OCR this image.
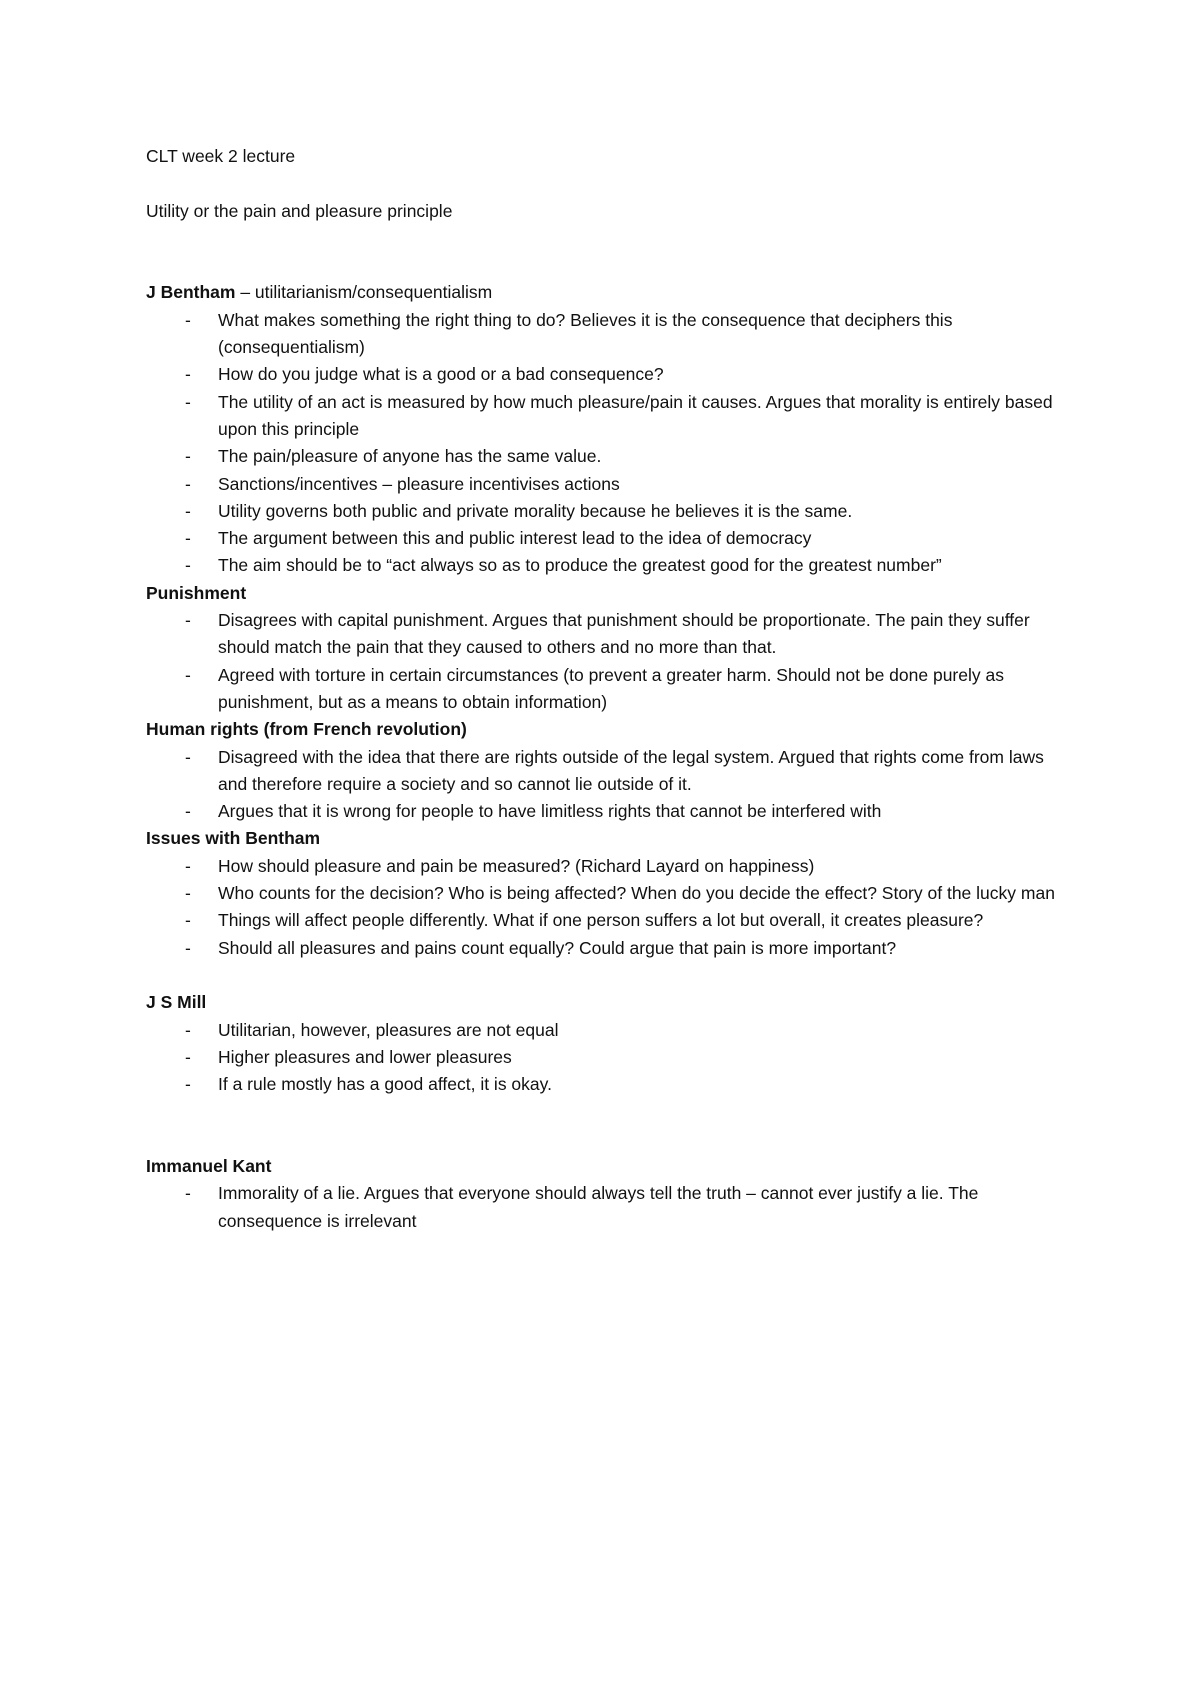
CLT week 2 lecture

Utility or the pain and pleasure principle

J Bentham – utilitarianism/consequentialism

- What makes something the right thing to do? Believes it is the consequence that deciphers this (consequentialism)
- How do you judge what is a good or a bad consequence?
- The utility of an act is measured by how much pleasure/pain it causes. Argues that morality is entirely based upon this principle
- The pain/pleasure of anyone has the same value.
- Sanctions/incentives – pleasure incentivises actions
- Utility governs both public and private morality because he believes it is the same.
- The argument between this and public interest lead to the idea of democracy
- The aim should be to “act always so as to produce the greatest good for the greatest number”

Punishment

- Disagrees with capital punishment. Argues that punishment should be proportionate. The pain they suffer should match the pain that they caused to others and no more than that.
- Agreed with torture in certain circumstances (to prevent a greater harm. Should not be done purely as punishment, but as a means to obtain information)

Human rights (from French revolution)

- Disagreed with the idea that there are rights outside of the legal system. Argued that rights come from laws and therefore require a society and so cannot lie outside of it.
- Argues that it is wrong for people to have limitless rights that cannot be interfered with

Issues with Bentham

- How should pleasure and pain be measured? (Richard Layard on happiness)
- Who counts for the decision? Who is being affected? When do you decide the effect? Story of the lucky man
- Things will affect people differently. What if one person suffers a lot but overall, it creates pleasure?
- Should all pleasures and pains count equally? Could argue that pain is more important?

J S Mill

- Utilitarian, however, pleasures are not equal
- Higher pleasures and lower pleasures
- If a rule mostly has a good affect, it is okay.

Immanuel Kant

- Immorality of a lie. Argues that everyone should always tell the truth – cannot ever justify a lie. The consequence is irrelevant
